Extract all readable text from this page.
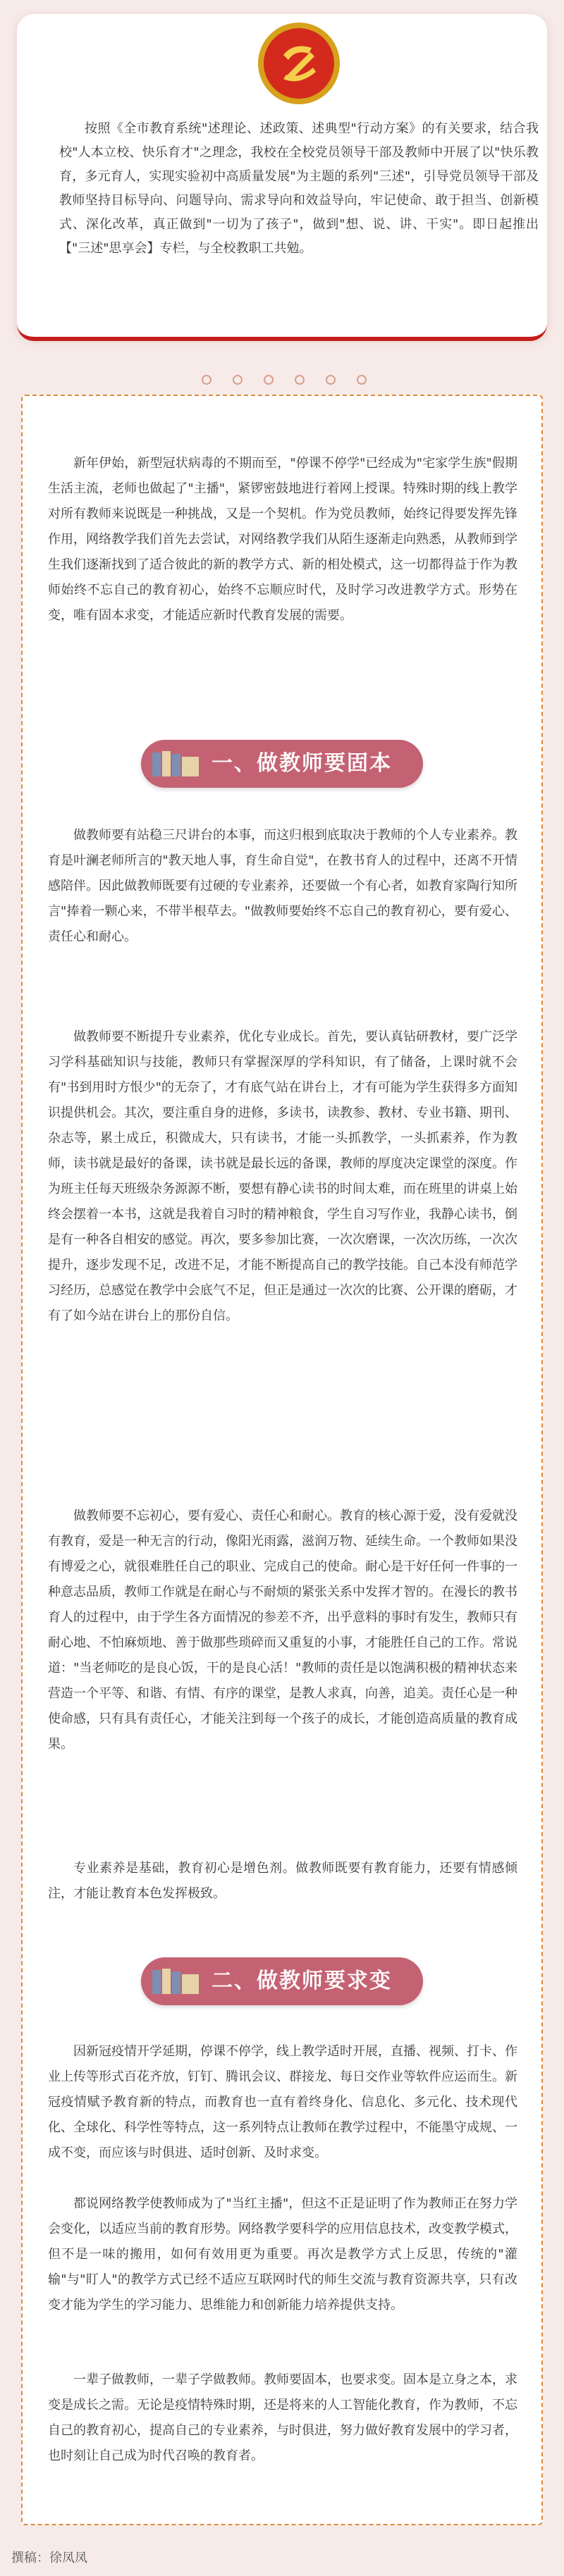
按照《全市教育系统"述理论、述政策、述典型"行动方案》的有关要求，结合我校"人本立校、快乐育才"之理念，我校在全校党员领导干部及教师中开展了以"快乐教育，多元育人，实现实验初中高质量发展"为主题的系列"三述"，引导党员领导干部及教师坚持目标导向、问题导向、需求导向和效益导向，牢记使命、敢于担当、创新模式、深化改革，真正做到"一切为了孩子"，做到"想、说、讲、干实"。即日起推出【"三述"思享会】专栏，与全校教职工共勉。

新年伊始，新型冠状病毒的不期而至，"停课不停学"已经成为"宅家学生族"假期生活主流，老师也做起了"主播"，紧锣密鼓地进行着网上授课。特殊时期的线上教学对所有教师来说既是一种挑战，又是一个契机。作为党员教师，始终记得要发挥先锋作用，网络教学我们首先去尝试，对网络教学我们从陌生逐渐走向熟悉，从教师到学生我们逐渐找到了适合彼此的新的教学方式、新的相处模式，这一切都得益于作为教师始终不忘自己的教育初心，始终不忘顺应时代，及时学习改进教学方式。形势在变，唯有固本求变，才能适应新时代教育发展的需要。

一、做教师要固本

做教师要有站稳三尺讲台的本事，而这归根到底取决于教师的个人专业素养。教育是叶澜老师所言的"教天地人事，育生命自觉"，在教书育人的过程中，还离不开情感陪伴。因此做教师既要有过硬的专业素养，还要做一个有心者，如教育家陶行知所言"捧着一颗心来，不带半根草去。"做教师要始终不忘自己的教育初心，要有爱心、责任心和耐心。

做教师要不断提升专业素养，优化专业成长。首先，要认真钻研教材，要广泛学习学科基础知识与技能，教师只有掌握深厚的学科知识，有了储备，上课时就不会有"书到用时方恨少"的无奈了，才有底气站在讲台上，才有可能为学生获得多方面知识提供机会。其次，要注重自身的进修，多读书，读教参、教材、专业书籍、期刊、杂志等，累土成丘，积微成大，只有读书，才能一头抓教学，一头抓素养，作为教师，读书就是最好的备课，读书就是最长远的备课，教师的厚度决定课堂的深度。作为班主任每天班级杂务源源不断，要想有静心读书的时间太难，而在班里的讲桌上始终会摆着一本书，这就是我着自习时的精神粮食，学生自习写作业，我静心读书，倒是有一种各自相安的感觉。再次，要多参加比赛，一次次磨课，一次次历练，一次次提升，逐步发现不足，改进不足，才能不断提高自己的教学技能。自己本没有师范学习经历，总感觉在教学中会底气不足，但正是通过一次次的比赛、公开课的磨砺，才有了如今站在讲台上的那份自信。

做教师要不忘初心，要有爱心、责任心和耐心。教育的核心源于爱，没有爱就没有教育，爱是一种无言的行动，像阳光雨露，滋润万物、延续生命。一个教师如果没有博爱之心，就很难胜任自己的职业、完成自己的使命。耐心是干好任何一件事的一种意志品质，教师工作就是在耐心与不耐烦的紧张关系中发挥才智的。在漫长的教书育人的过程中，由于学生各方面情况的参差不齐，出乎意料的事时有发生，教师只有耐心地、不怕麻烦地、善于做那些琐碎而又重复的小事，才能胜任自己的工作。常说道："当老师吃的是良心饭，干的是良心活！"教师的责任是以饱满积极的精神状态来营造一个平等、和谐、有情、有序的课堂，是教人求真，向善，追美。责任心是一种使命感，只有具有责任心，才能关注到每一个孩子的成长，才能创造高质量的教育成果。

专业素养是基础，教育初心是增色剂。做教师既要有教育能力，还要有情感倾注，才能让教育本色发挥极致。

二、做教师要求变

因新冠疫情开学延期，停课不停学，线上教学适时开展，直播、视频、打卡、作业上传等形式百花齐放，钉钉、腾讯会议、群接龙、每日交作业等软件应运而生。新冠疫情赋予教育新的特点，而教育也一直有着终身化、信息化、多元化、技术现代化、全球化、科学性等特点，这一系列特点让教师在教学过程中，不能墨守成规、一成不变，而应该与时俱进、适时创新、及时求变。

都说网络教学使教师成为了"当红主播"，但这不正是证明了作为教师正在努力学会变化，以适应当前的教育形势。网络教学要科学的应用信息技术，改变教学模式，但不是一味的搬用，如何有效用更为重要。再次是教学方式上反思，传统的"灌输"与"盯人"的教学方式已经不适应互联网时代的师生交流与教育资源共享，只有改变才能为学生的学习能力、思维能力和创新能力培养提供支持。

一辈子做教师，一辈子学做教师。教师要固本，也要求变。固本是立身之本，求变是成长之需。无论是疫情特殊时期，还是将来的人工智能化教育，作为教师，不忘自己的教育初心，提高自己的专业素养，与时俱进，努力做好教育发展中的学习者，也时刻让自己成为时代召唤的教育者。

撰稿：徐凤凤
